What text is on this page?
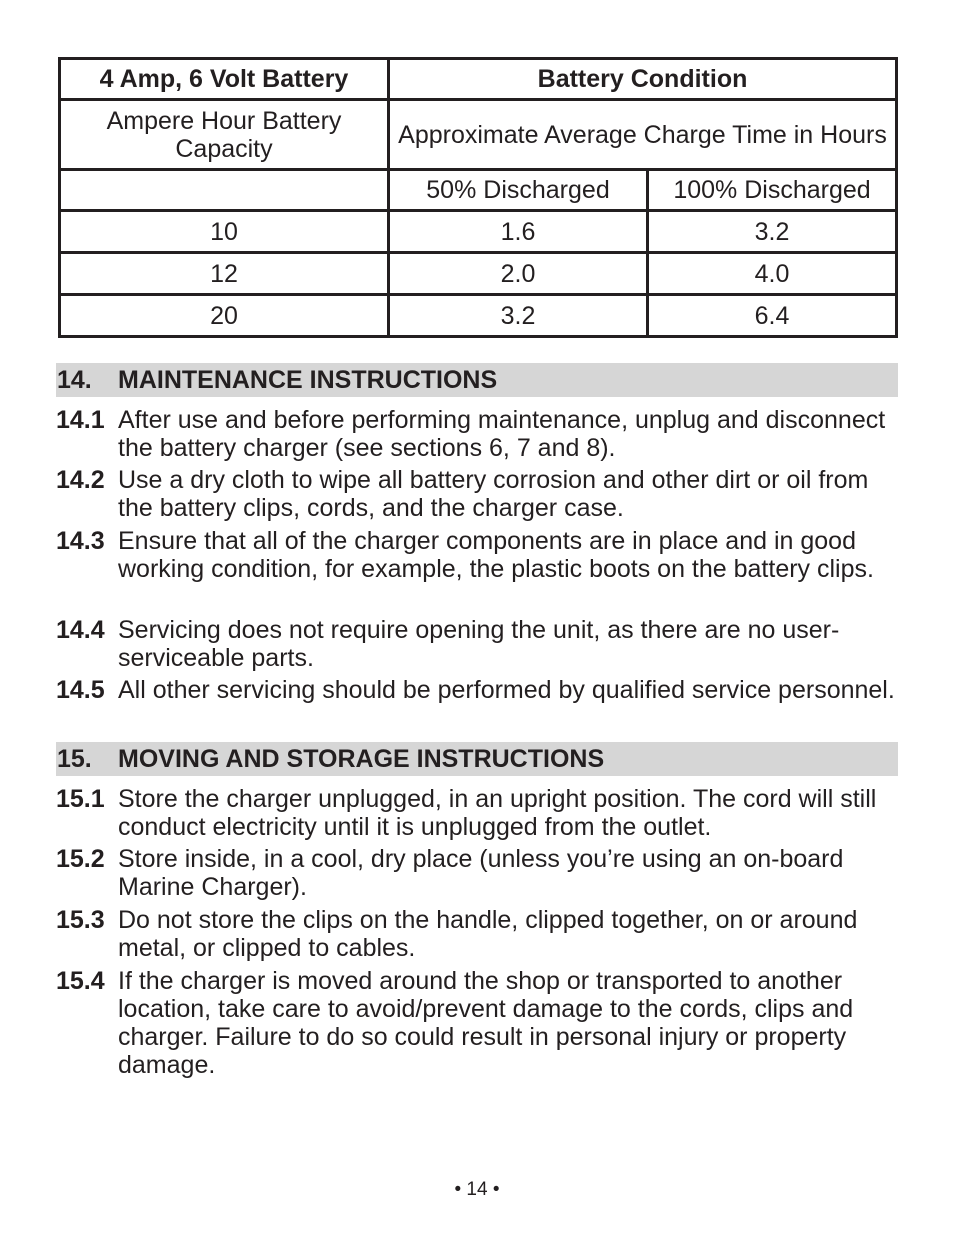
4 Amp, 6 Volt Battery	Battery Condition	
Ampere Hour Battery Capacity	Approximate Average Charge Time in Hours	
	50% Discharged	100% Discharged
10	1.6	3.2
12	2.0	4.0
20	3.2	6.4
14. MAINTENANCE INSTRUCTIONS
14.1 After use and before performing maintenance, unplug and disconnect the battery charger (see sections 6, 7 and 8).
14.2 Use a dry cloth to wipe all battery corrosion and other dirt or oil from the battery clips, cords, and the charger case.
14.3 Ensure that all of the charger components are in place and in good working condition, for example, the plastic boots on the battery clips.
14.4 Servicing does not require opening the unit, as there are no user-serviceable parts.
14.5 All other servicing should be performed by qualified service personnel.
15. MOVING AND STORAGE INSTRUCTIONS
15.1 Store the charger unplugged, in an upright position. The cord will still conduct electricity until it is unplugged from the outlet.
15.2 Store inside, in a cool, dry place (unless you’re using an on-board Marine Charger).
15.3 Do not store the clips on the handle, clipped together, on or around metal, or clipped to cables.
15.4 If the charger is moved around the shop or transported to another location, take care to avoid/prevent damage to the cords, clips and charger. Failure to do so could result in personal injury or property damage.
• 14 •
